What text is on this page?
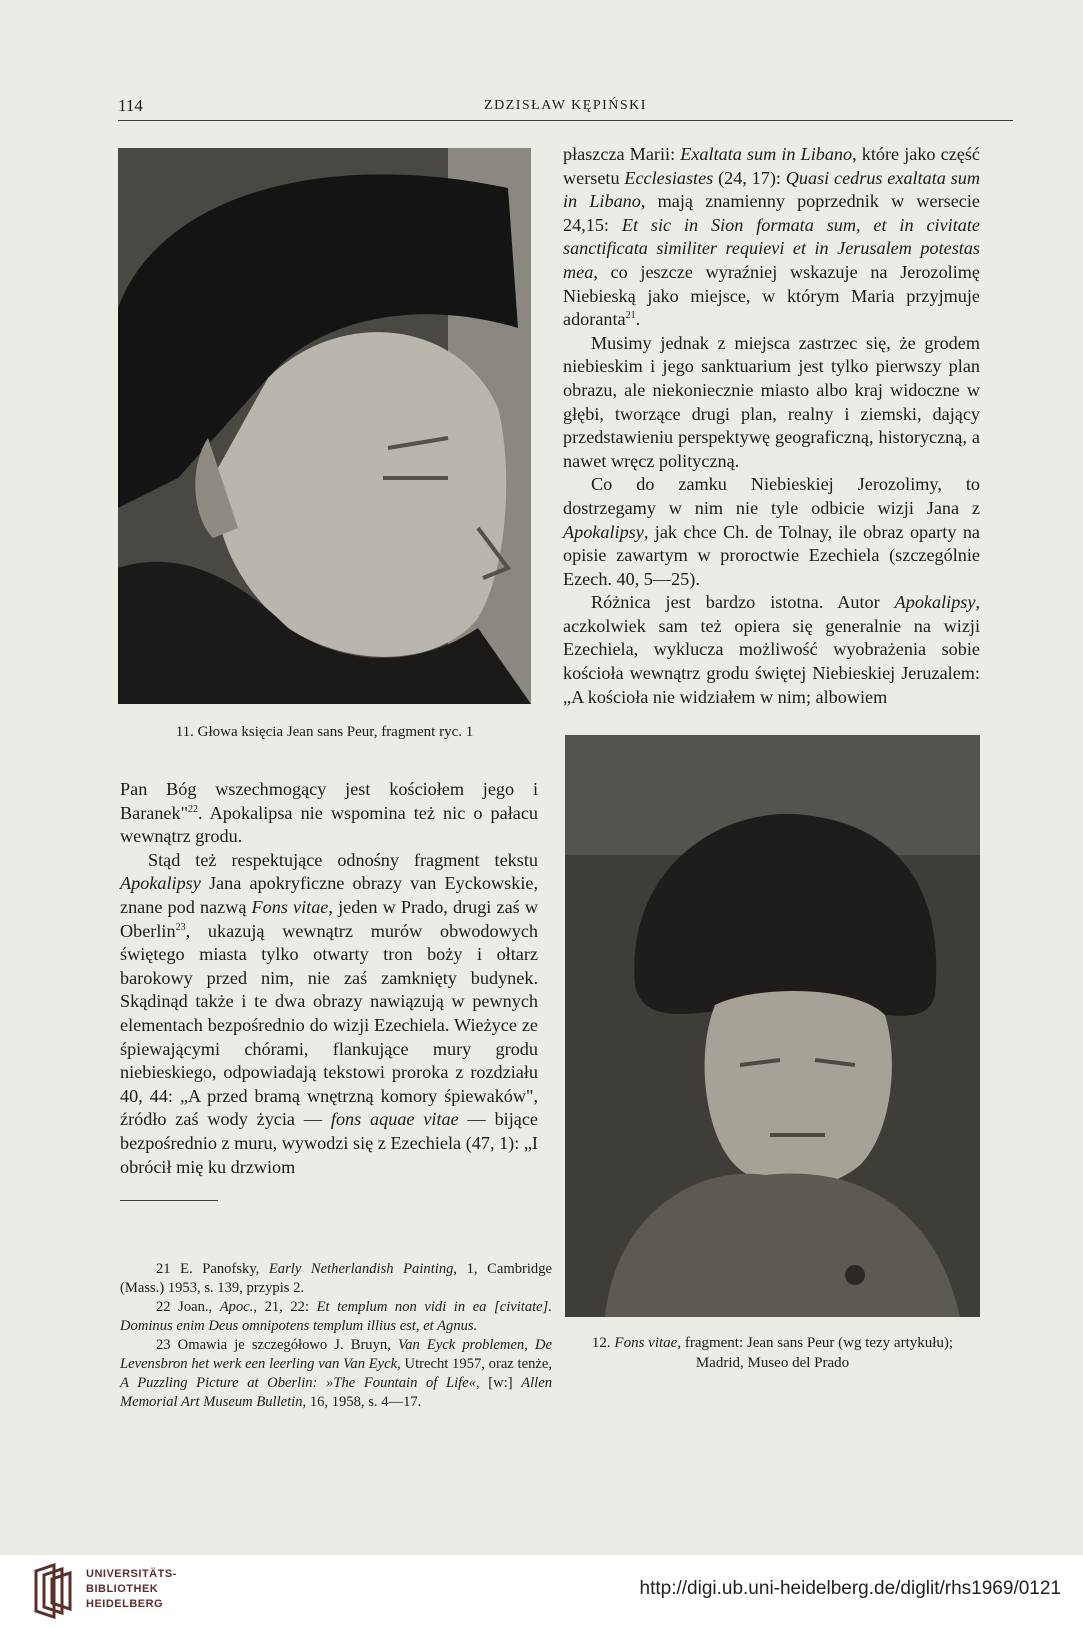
114	ZDZISŁAW KĘPIŃSKI
11. Głowa księcia Jean sans Peur, fragment ryc. 1

płaszcza Marii: Exaltata sum in Libano, które jako część wersetu Ecclesiastes (24, 17): Quasi cedrus exaltata sum in Libano, mają znamienny poprzednik w wersecie 24,15: Et sic in Sion formata sum, et in civitate sanctificata similiter requievi et in Jerusalem potestas mea, co jeszcze wyraźniej wskazuje na Jerozolimę Niebieską jako miejsce, w którym Maria przyjmuje adoranta$^{21}$.

Musimy jednak z miejsca zastrzec się, że grodem niebieskim i jego sanktuarium jest tylko pierwszy plan obrazu, ale niekoniecznie miasto albo kraj widoczne w głębi, tworzące drugi plan, realny i ziemski, dający przedstawieniu perspektywę geograficzną, historyczną, a nawet wręcz polityczną.

Co do zamku Niebieskiej Jerozolimy, to dostrzegamy w nim nie tyle odbicie wizji Jana z Apokalipsy, jak chce Ch. de Tolnay, ile obraz oparty na opisie zawartym w proroctwie Ezechiela (szczególnie Ezech. 40, 5—25).

Różnica jest bardzo istotna. Autor Apokalipsy, aczkolwiek sam też opiera się generalnie na wizji Ezechiela, wyklucza możliwość wyobrażenia sobie kościoła wewnątrz grodu świętej Niebieskiej Jeruzalem: „A kościoła nie widziałem w nim; albowiem

12. Fons vitae, fragment: Jean sans Peur (wg tezy artykułu);
Madrid, Museo del Prado

Pan Bóg wszechmogący jest kościołem jego i Baranek"$^{22}$. Apokalipsa nie wspomina też nic o pałacu wewnątrz grodu.

Stąd też respektujące odnośny fragment tekstu Apokalipsy Jana apokryficzne obrazy van Eyckowskie, znane pod nazwą Fons vitae, jeden w Prado, drugi zaś w Oberlin$^{23}$, ukazują wewnątrz murów obwodowych świętego miasta tylko otwarty tron boży i ołtarz barokowy przed nim, nie zaś zamknięty budynek. Skądinąd także i te dwa obrazy nawiązują w pewnych elementach bezpośrednio do wizji Ezechiela. Wieżyce ze śpiewającymi chórami, flankujące mury grodu niebieskiego, odpowiadają tekstowi proroka z rozdziału 40, 44: „A przed bramą wnętrzną komory śpiewaków", źródło zaś wody życia — fons aquae vitae — bijące bezpośrednio z muru, wywodzi się z Ezechiela (47, 1): „I obrócił mię ku drzwiom

21 E. Panofsky, Early Netherlandish Painting, 1, Cambridge (Mass.) 1953, s. 139, przypis 2.

22 Joan., Apoc., 21, 22: Et templum non vidi in ea [civitate]. Dominus enim Deus omnipotens templum illius est, et Agnus.

23 Omawia je szczegółowo J. Bruyn, Van Eyck problemen, De Levensbron het werk een leerling van Van Eyck, Utrecht 1957, oraz tenże, A Puzzling Picture at Oberlin: »The Fountain of Life«, [w:] Allen Memorial Art Museum Bulletin, 16, 1958, s. 4—17.

UNIVERSITÄTS-
BIBLIOTHEK
HEIDELBERG
http://digi.ub.uni-heidelberg.de/diglit/rhs1969/0121
